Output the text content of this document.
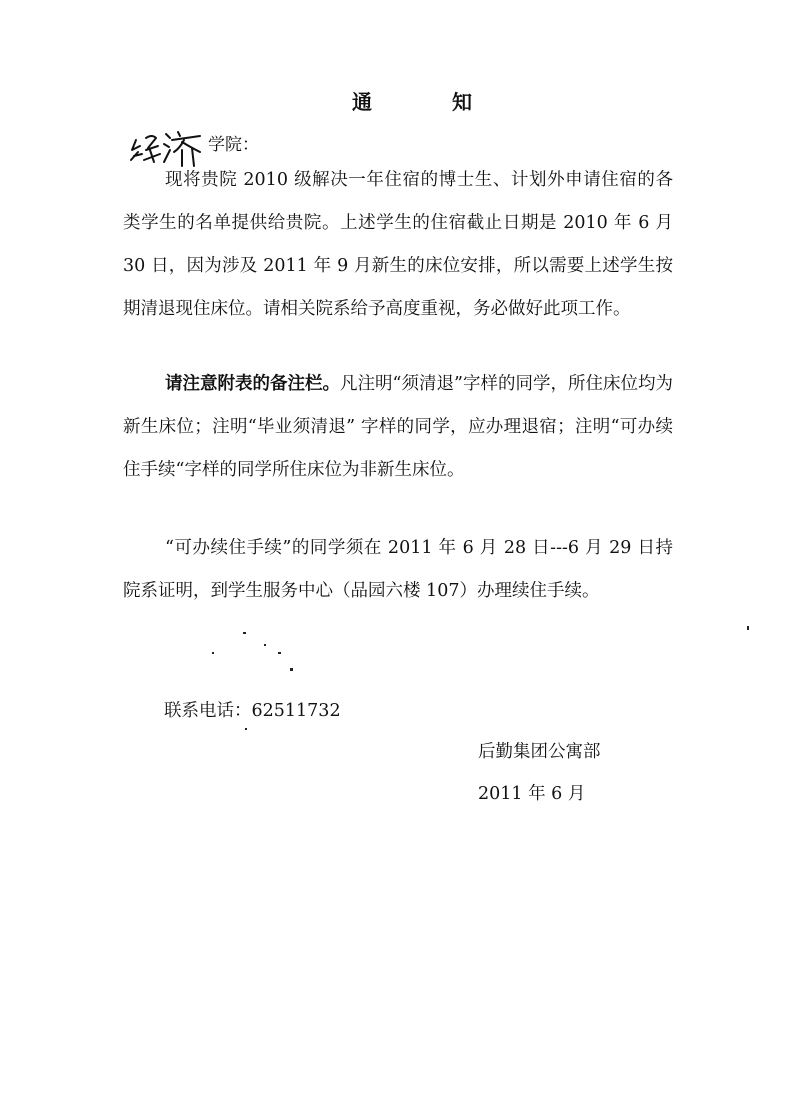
通　知
学院：

现将贵院 2010 级解决一年住宿的博士生、计划外申请住宿的各类学生的名单提供给贵院。上述学生的住宿截止日期是 2010 年 6 月 30 日，因为涉及 2011 年 9 月新生的床位安排，所以需要上述学生按期清退现住床位。请相关院系给予高度重视，务必做好此项工作。

请注意附表的备注栏。凡注明“须清退”字样的同学，所住床位均为新生床位；注明“毕业须清退” 字样的同学，应办理退宿；注明“可办续住手续“字样的同学所住床位为非新生床位。

“可办续住手续”的同学须在 2011 年 6 月 28 日---6 月 29 日持院系证明，到学生服务中心（品园六楼 107）办理续住手续。

联系电话：62511732
后勤集团公寓部
2011 年 6 月
